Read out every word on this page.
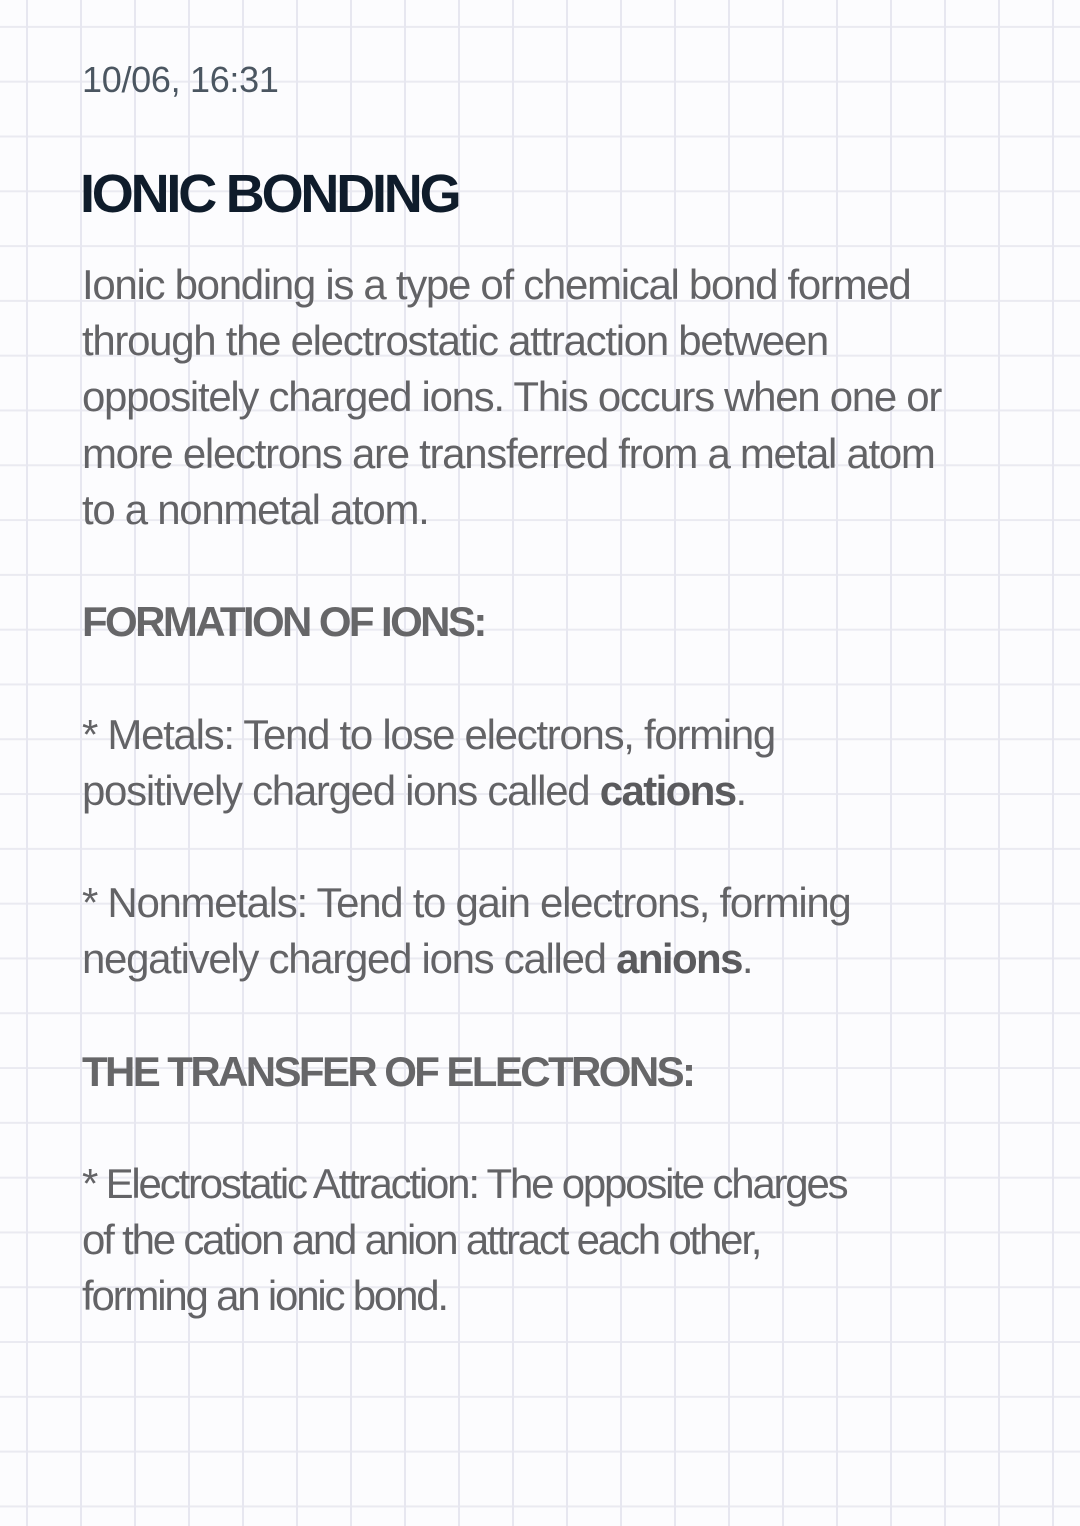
10/06, 16:31
IONIC BONDING
Ionic bonding is a type of chemical bond formed
through the electrostatic attraction between
oppositely charged ions. This occurs when one or
more electrons are transferred from a metal atom
to a nonmetal atom.
FORMATION OF IONS:
* Metals: Tend to lose electrons, forming
positively charged ions called cations.
* Nonmetals: Tend to gain electrons, forming
negatively charged ions called anions.
THE TRANSFER OF ELECTRONS:
* Electrostatic Attraction: The opposite charges
of the cation and anion attract each other,
forming an ionic bond.
